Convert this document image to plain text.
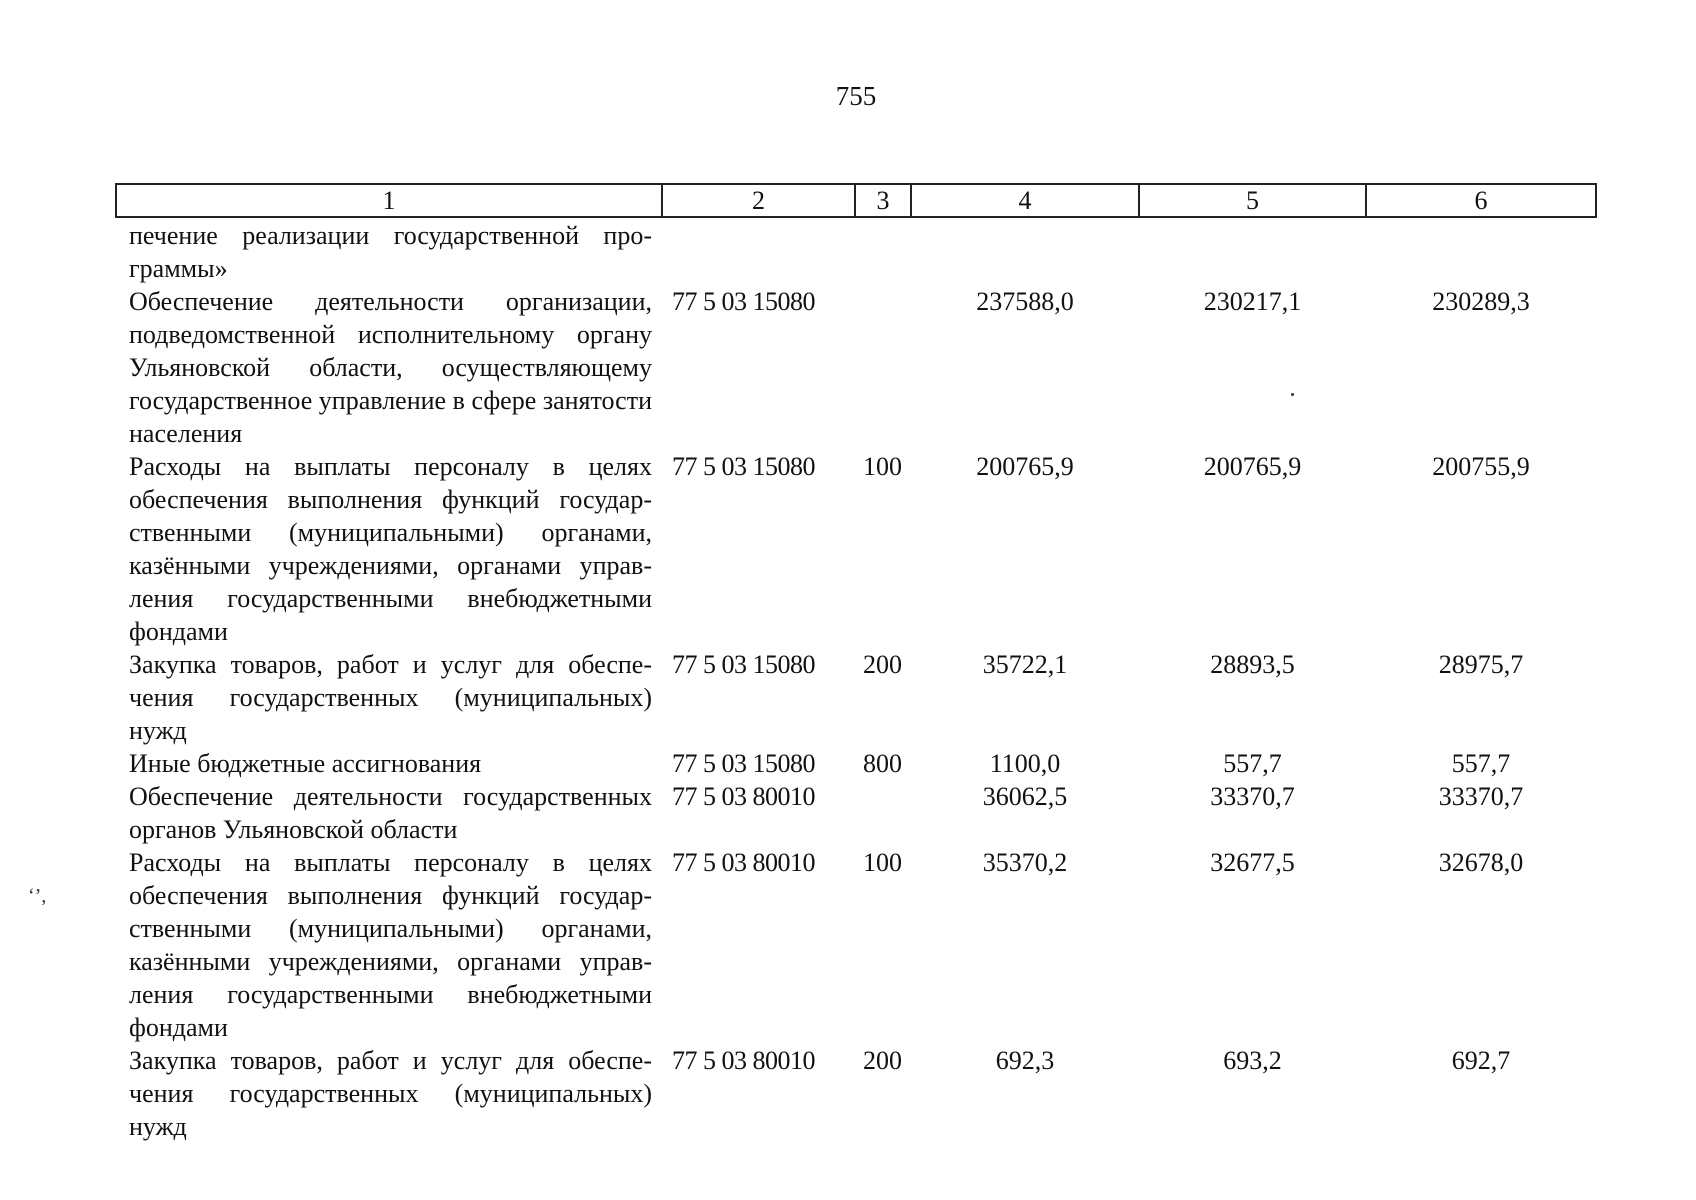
755
‘’,
1	2	3	4	5	6
печение реализации государственной программы»					
Обеспечение деятельности организации, подведомственной исполнительному органу Ульяновской области, осуществляющему государственное управление в сфере занятости населения	77 5 03 15080		237588,0	230217,1	230289,3
Расходы на выплаты персоналу в целях обеспечения выполнения функций государственными (муниципальными) органами, казёнными учреждениями, органами управления государственными внебюджетными фондами	77 5 03 15080	100	200765,9	200765,9	200755,9
Закупка товаров, работ и услуг для обеспечения государственных (муниципальных) нужд	77 5 03 15080	200	35722,1	28893,5	28975,7
Иные бюджетные ассигнования	77 5 03 15080	800	1100,0	557,7	557,7
Обеспечение деятельности государственных органов Ульяновской области	77 5 03 80010		36062,5	33370,7	33370,7
Расходы на выплаты персоналу в целях обеспечения выполнения функций государственными (муниципальными) органами, казёнными учреждениями, органами управления государственными внебюджетными фондами	77 5 03 80010	100	35370,2	32677,5	32678,0
Закупка товаров, работ и услуг для обеспечения государственных (муниципальных) нужд	77 5 03 80010	200	692,3	693,2	692,7
